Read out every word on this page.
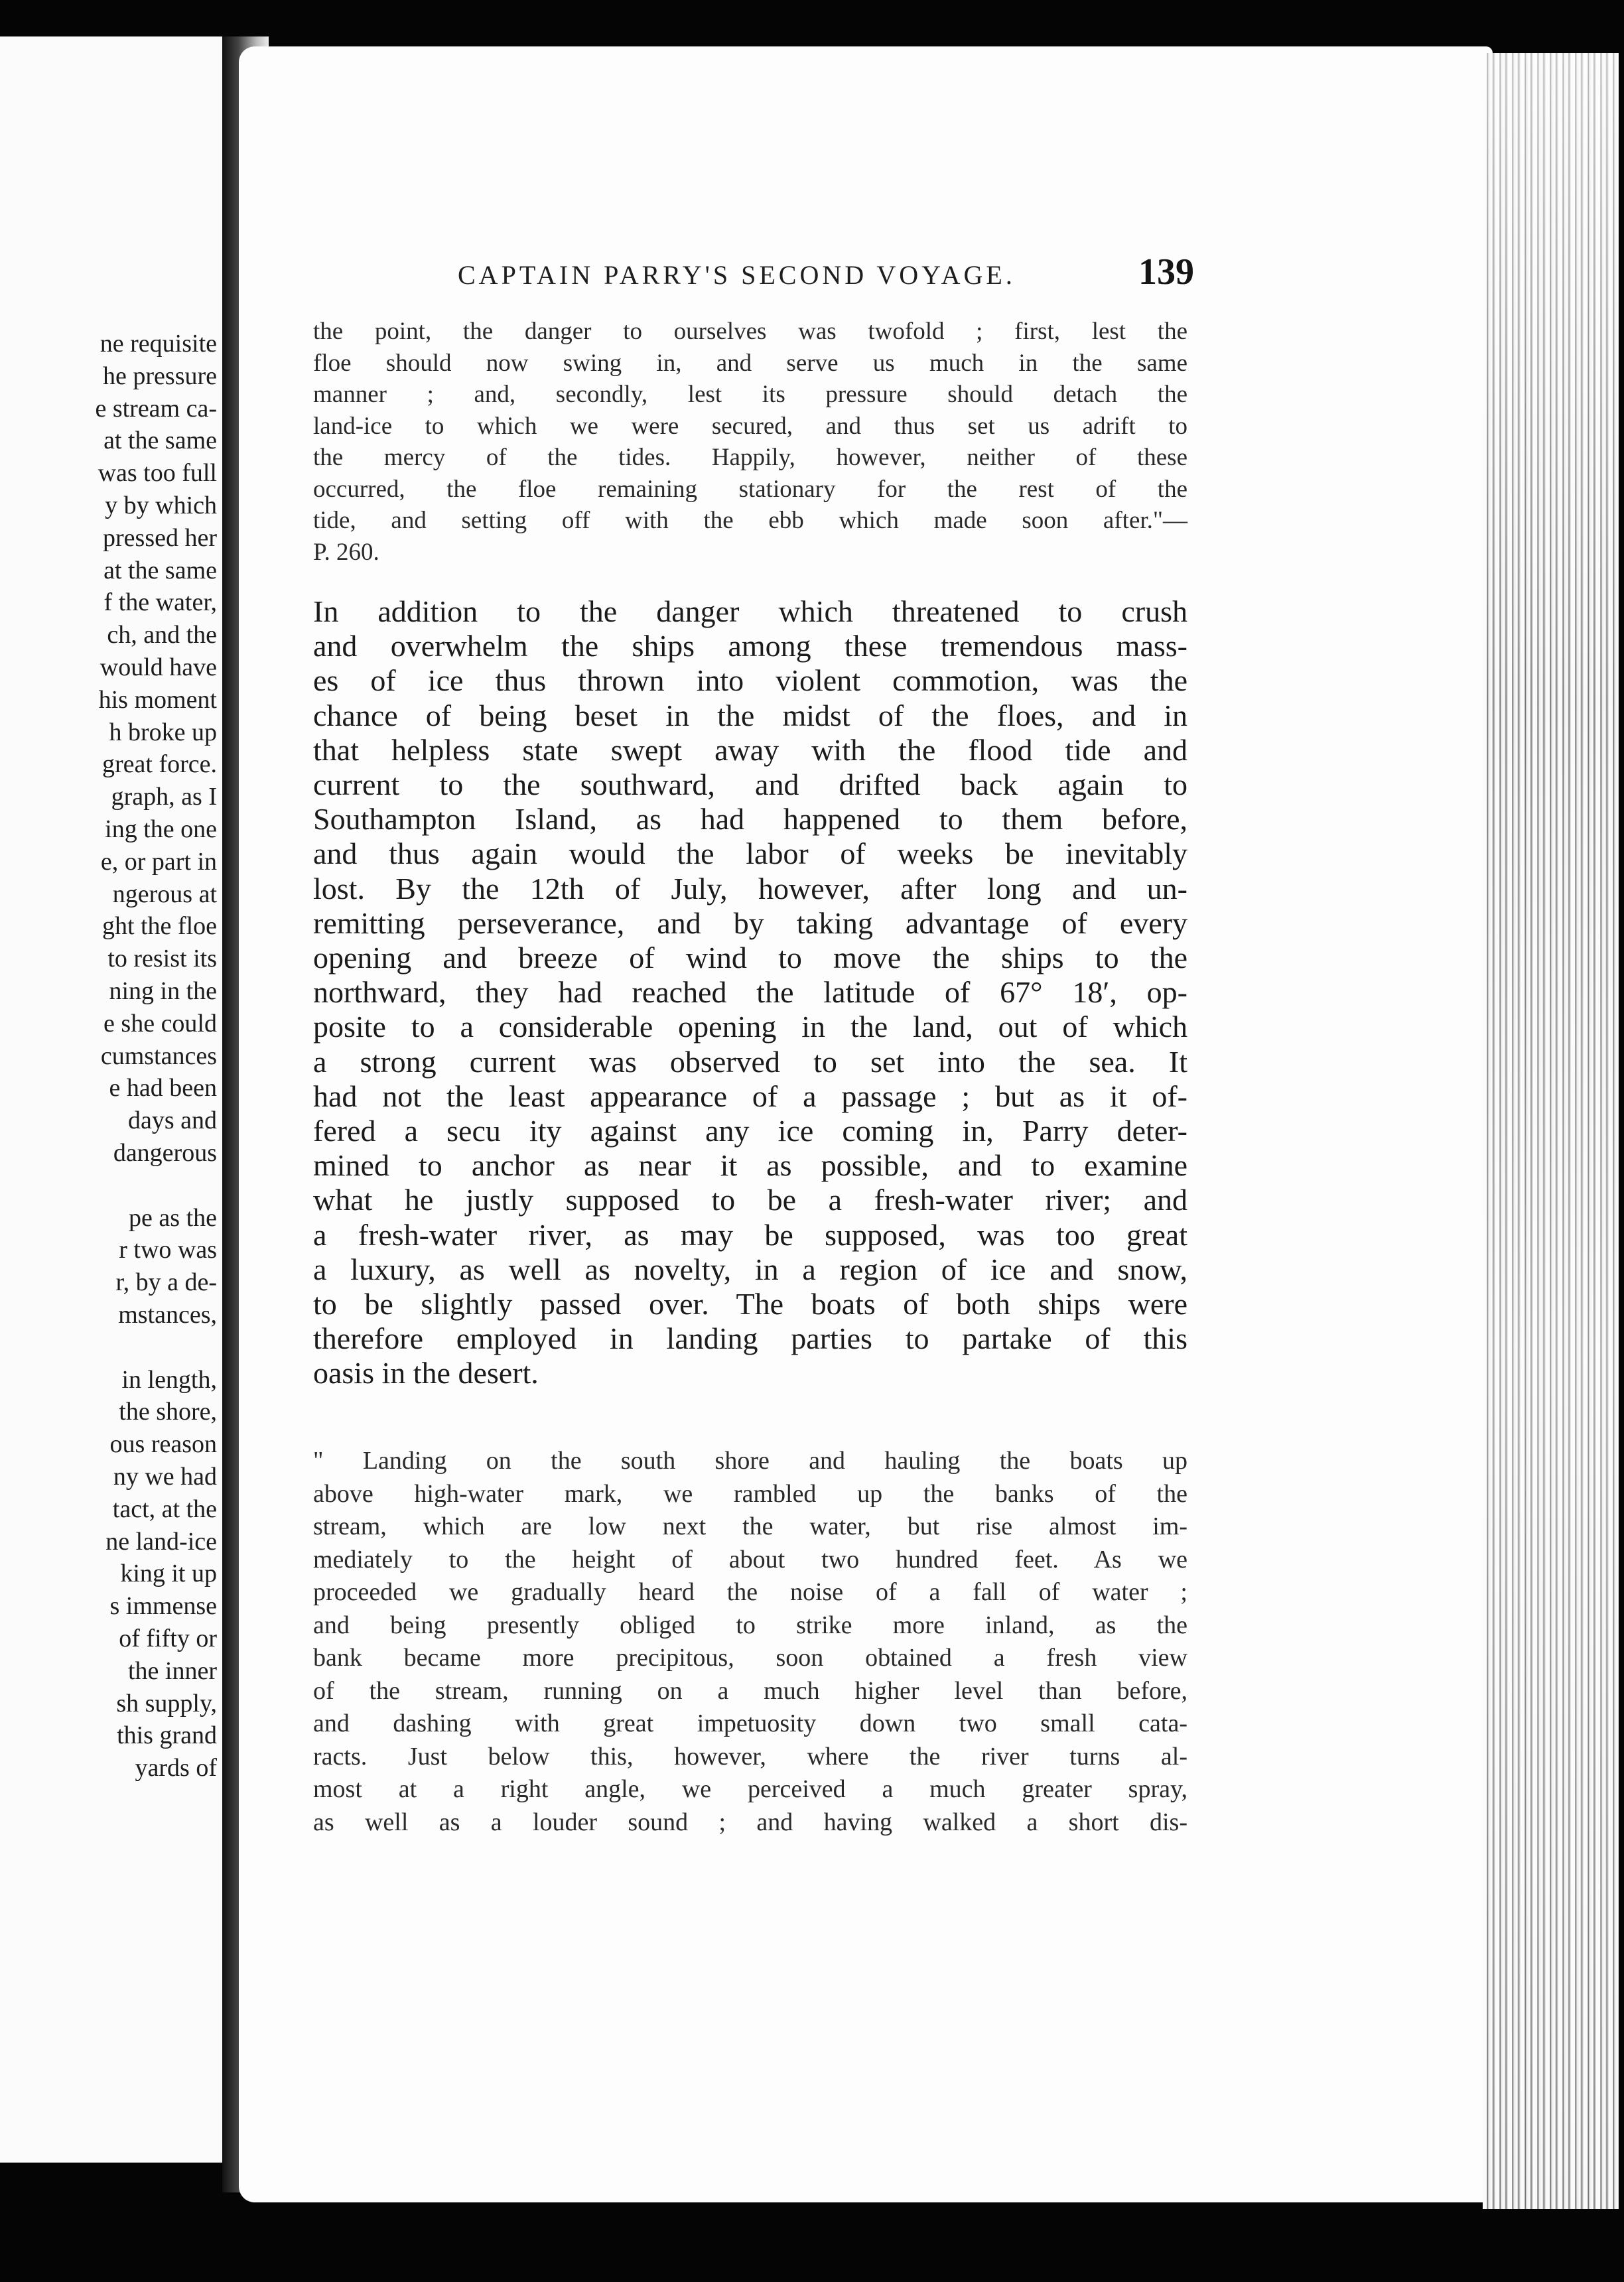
ne requisite
he pressure
e stream ca-
at the same
was too full
y by which
pressed her
at the same
f the water,
ch, and the
would have
his moment
h broke up
great force.
graph, as I
ing the one
e, or part in
ngerous at
ght the floe
to resist its
ning in the
e she could
cumstances
e had been
days and
dangerous
pe as the
r two was
r, by a de-
mstances,
in length,
the shore,
ous reason
ny we had
tact, at the
ne land-ice
king it up
s immense
of fifty or
the inner
sh supply,
this grand
yards of
CAPTAIN PARRY'S SECOND VOYAGE.	139
the point, the danger to ourselves was twofold ; first, lest the
floe should now swing in, and serve us much in the same
manner ; and, secondly, lest its pressure should detach the
land-ice to which we were secured, and thus set us adrift to
the mercy of the tides. Happily, however, neither of these
occurred, the floe remaining stationary for the rest of the
tide, and setting off with the ebb which made soon after."—
P. 260.
In addition to the danger which threatened to crush
and overwhelm the ships among these tremendous mass-
es of ice thus thrown into violent commotion, was the
chance of being beset in the midst of the floes, and in
that helpless state swept away with the flood tide and
current to the southward, and drifted back again to
Southampton Island, as had happened to them before,
and thus again would the labor of weeks be inevitably
lost. By the 12th of July, however, after long and un-
remitting perseverance, and by taking advantage of every
opening and breeze of wind to move the ships to the
northward, they had reached the latitude of 67° 18′, op-
posite to a considerable opening in the land, out of which
a strong current was observed to set into the sea. It
had not the least appearance of a passage ; but as it of-
fered a secu ity against any ice coming in, Parry deter-
mined to anchor as near it as possible, and to examine
what he justly supposed to be a fresh-water river; and
a fresh-water river, as may be supposed, was too great
a luxury, as well as novelty, in a region of ice and snow,
to be slightly passed over. The boats of both ships were
therefore employed in landing parties to partake of this
oasis in the desert.
" Landing on the south shore and hauling the boats up
above high-water mark, we rambled up the banks of the
stream, which are low next the water, but rise almost im-
mediately to the height of about two hundred feet. As we
proceeded we gradually heard the noise of a fall of water ;
and being presently obliged to strike more inland, as the
bank became more precipitous, soon obtained a fresh view
of the stream, running on a much higher level than before,
and dashing with great impetuosity down two small cata-
racts. Just below this, however, where the river turns al-
most at a right angle, we perceived a much greater spray,
as well as a louder sound ; and having walked a short dis-
